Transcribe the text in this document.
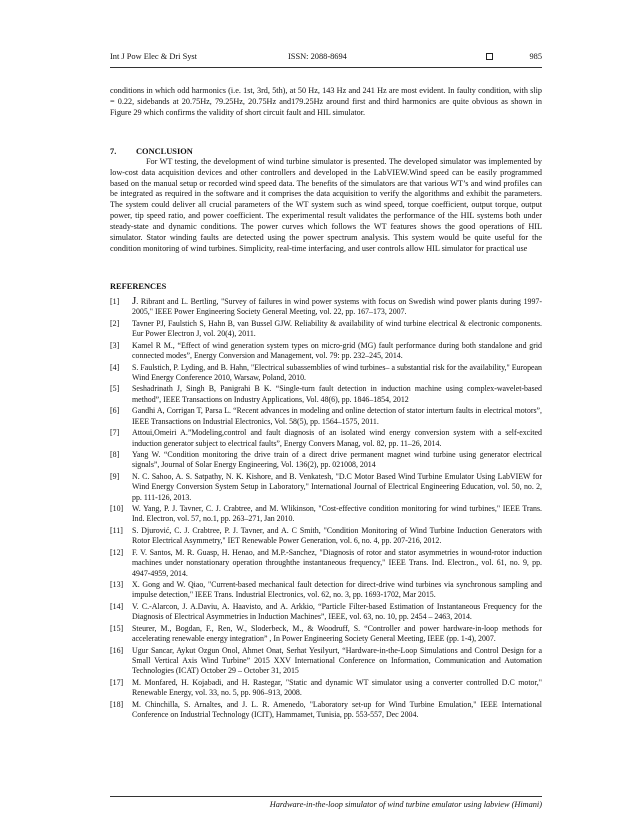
Int J Pow Elec & Dri Syst	ISSN: 2088-8694	985

conditions in which odd harmonics (i.e. 1st, 3rd, 5th), at 50 Hz, 143 Hz and 241 Hz are most evident. In faulty condition, with slip = 0.22, sidebands at 20.75Hz, 79.25Hz, 20.75Hz and179.25Hz around first and third harmonics are quite obvious as shown in Figure 29 which confirms the validity of short circuit fault and HIL simulator.

7. CONCLUSION

For WT testing, the development of wind turbine simulator is presented. The developed simulator was implemented by low-cost data acquisition devices and other controllers and developed in the LabVIEW.Wind speed can be easily programmed based on the manual setup or recorded wind speed data. The benefits of the simulators are that various WT’s and wind profiles can be integrated as required in the software and it comprises the data acquisition to verify the algorithms and exhibit the parameters. The system could deliver all crucial parameters of the WT system such as wind speed, torque coefficient, output torque, output power, tip speed ratio, and power coefficient. The experimental result validates the performance of the HIL systems both under steady-state and dynamic conditions. The power curves which follows the WT features shows the good operations of HIL simulator. Stator winding faults are detected using the power spectrum analysis. This system would be quite useful for the condition monitoring of wind turbines. Simplicity, real-time interfacing, and user controls allow HIL simulator for practical use

REFERENCES
[1] J. Ribrant and L. Bertling, "Survey of failures in wind power systems with focus on Swedish wind power plants during 1997-2005," IEEE Power Engineering Society General Meeting, vol. 22, pp. 167–173, 2007.
[2] Tavner PJ, Faulstich S, Hahn B, van Bussel GJW. Reliability & availability of wind turbine electrical & electronic components. Eur Power Electron J, vol. 20(4), 2011.
[3] Kamel R M., “Effect of wind generation system types on micro-grid (MG) fault performance during both standalone and grid connected modes”, Energy Conversion and Management, vol. 79: pp. 232–245, 2014.
[4] S. Faulstich, P. Lyding, and B. Hahn, "Electrical subassemblies of wind turbines– a substantial risk for the availability," European Wind Energy Conference 2010, Warsaw, Poland, 2010.
[5] Seshadrinath J, Singh B, Panigrahi B K. “Single-turn fault detection in induction machine using complex-wavelet-based method”, IEEE Transactions on Industry Applications, Vol. 48(6), pp. 1846–1854, 2012
[6] Gandhi A, Corrigan T, Parsa L. “Recent advances in modeling and online detection of stator interturn faults in electrical motors”, IEEE Transactions on Industrial Electronics, Vol. 58(5), pp. 1564–1575, 2011.
[7] Attoui,Omeiri A.”Modeling,control and fault diagnosis of an isolated wind energy conversion system with a self-excited induction generator subject to electrical faults”, Energy Convers Manag, vol. 82, pp. 11–26, 2014.
[8] Yang W. “Condition monitoring the drive train of a direct drive permanent magnet wind turbine using generator electrical signals”, Journal of Solar Energy Engineering, Vol. 136(2), pp. 021008, 2014
[9] N. C. Sahoo, A. S. Satpathy, N. K. Kishore, and B. Venkatesh, "D.C Motor Based Wind Turbine Emulator Using LabVIEW for Wind Energy Conversion System Setup in Laboratory," International Journal of Electrical Engineering Education, vol. 50, no. 2, pp. 111-126, 2013.
[10] W. Yang, P. J. Tavner, C. J. Crabtree, and M. Wlikinson, "Cost-effective condition monitoring for wind turbines," IEEE Trans. Ind. Electron, vol. 57, no.1, pp. 263–271, Jan 2010.
[11] S. Djurović, C. J. Crabtree, P. J. Tavner, and A. C Smith, "Condition Monitoring of Wind Turbine Induction Generators with Rotor Electrical Asymmetry," IET Renewable Power Generation, vol. 6, no. 4, pp. 207-216, 2012.
[12] F. V. Santos, M. R. Guasp, H. Henao, and M.P.-Sanchez, "Diagnosis of rotor and stator asymmetries in wound-rotor induction machines under nonstationary operation throughthe instantaneous frequency," IEEE Trans. Ind. Electron., vol. 61, no. 9, pp. 4947-4959, 2014.
[13] X. Gong and W. Qiao, "Current-based mechanical fault detection for direct-drive wind turbines via synchronous sampling and impulse detection," IEEE Trans. Industrial Electronics, vol. 62, no. 3, pp. 1693-1702, Mar 2015.
[14] V. C.-Alarcon, J. A.Daviu, A. Haavisto, and A. Arkkio, “Particle Filter-based Estimation of Instantaneous Frequency for the Diagnosis of Electrical Asymmetries in Induction Machines”, IEEE, vol. 63, no. 10, pp. 2454 – 2463, 2014.
[15] Steurer, M., Bogdan, F., Ren, W., Sloderbeck, M., & Woodruff, S. “Controller and power hardware-in-loop methods for accelerating renewable energy integration” , In Power Engineering Society General Meeting, IEEE (pp. 1-4), 2007.
[16] Ugur Sancar, Aykut Ozgun Onol, Ahmet Onat, Serhat Yesilyurt, “Hardware-in-the-Loop Simulations and Control Design for a Small Vertical Axis Wind Turbine” 2015 XXV International Conference on Information, Communication and Automation Technologies (ICAT) October 29 – October 31, 2015
[17] M. Monfared, H. Kojabadi, and H. Rastegar, "Static and dynamic WT simulator using a converter controlled D.C motor," Renewable Energy, vol. 33, no. 5, pp. 906–913, 2008.
[18] M. Chinchilla, S. Arnaltes, and J. L. R. Amenedo, "Laboratory set-up for Wind Turbine Emulation," IEEE International Conference on Industrial Technology (ICIT), Hammamet, Tunisia, pp. 553-557, Dec 2004.
Hardware-in-the-loop simulator of wind turbine emulator using labview (Himani)
